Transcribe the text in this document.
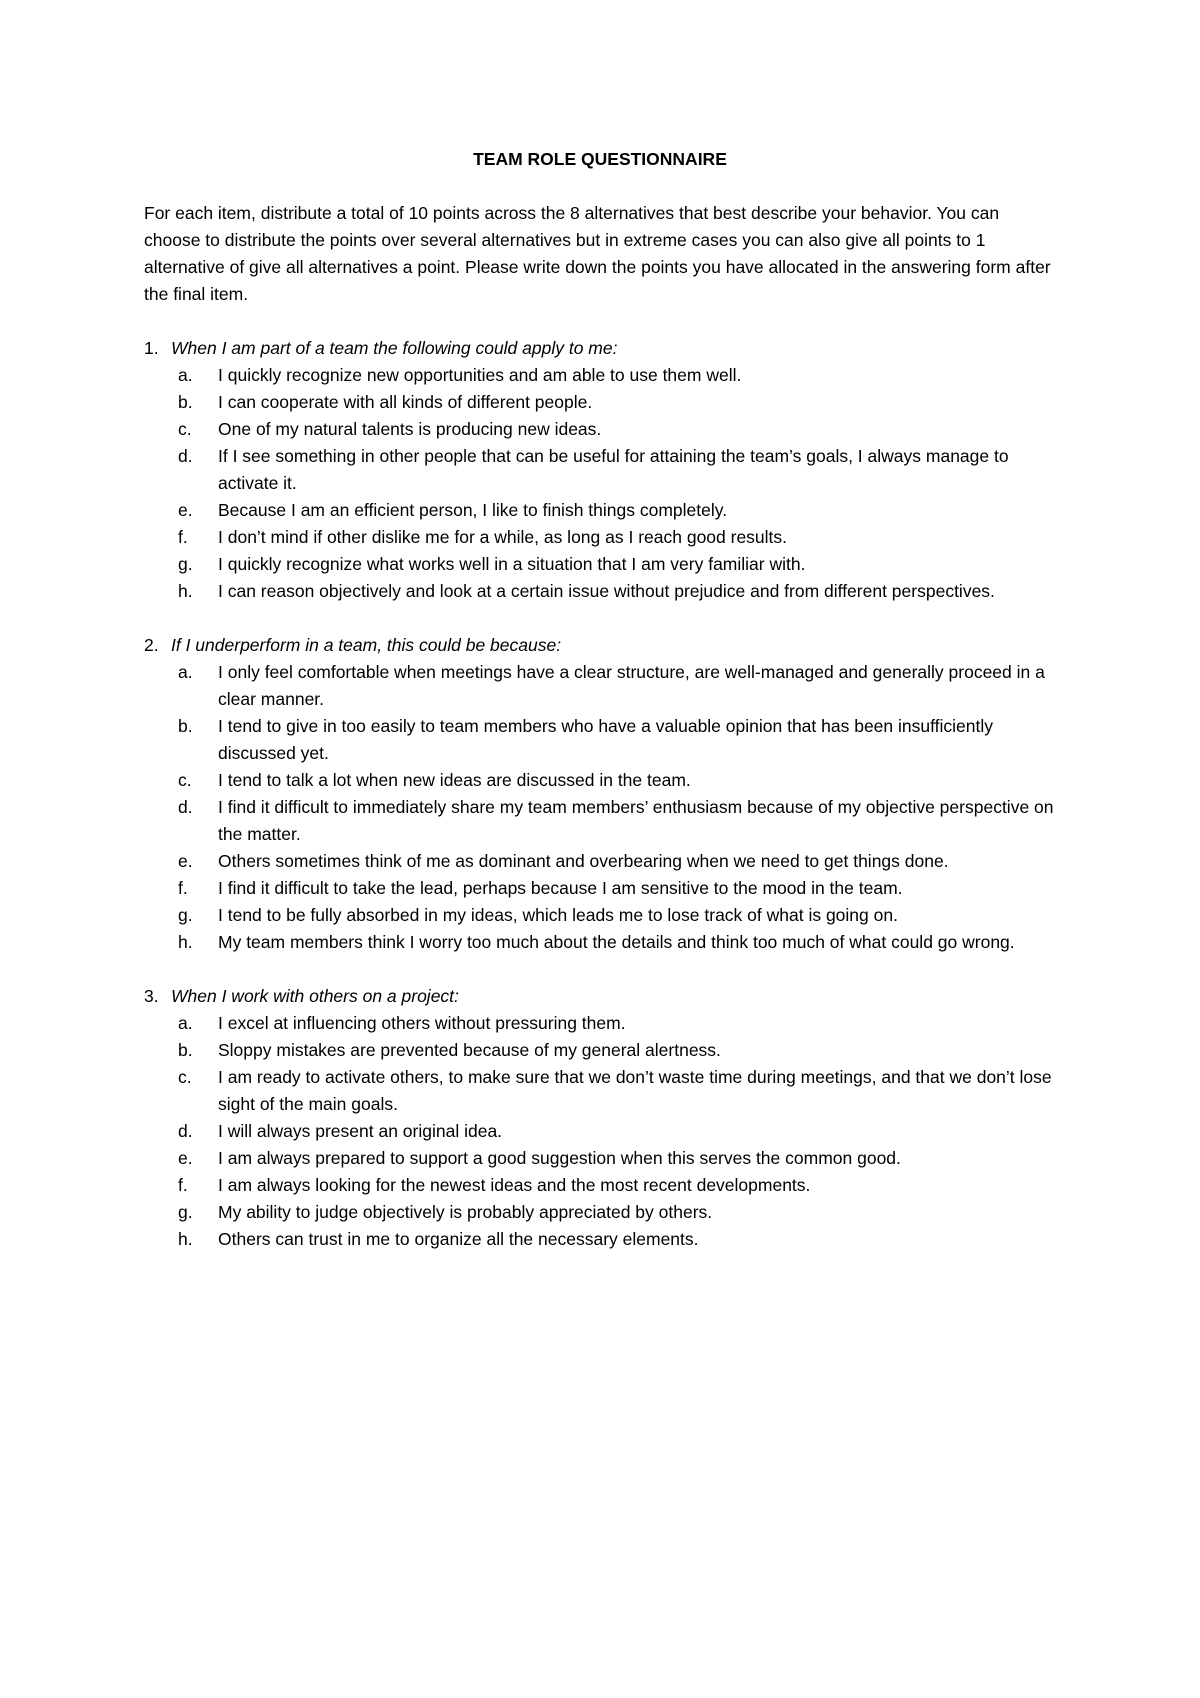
TEAM ROLE QUESTIONNAIRE

For each item, distribute a total of 10 points across the 8 alternatives that best describe your behavior. You can choose to distribute the points over several alternatives but in extreme cases you can also give all points to 1 alternative of give all alternatives a point. Please write down the points you have allocated in the answering form after the final item.

1. When I am part of a team the following could apply to me:
a. I quickly recognize new opportunities and am able to use them well.
b. I can cooperate with all kinds of different people.
c. One of my natural talents is producing new ideas.
d. If I see something in other people that can be useful for attaining the team’s goals, I always manage to activate it.
e. Because I am an efficient person, I like to finish things completely.
f. I don’t mind if other dislike me for a while, as long as I reach good results.
g. I quickly recognize what works well in a situation that I am very familiar with.
h. I can reason objectively and look at a certain issue without prejudice and from different perspectives.
2. If I underperform in a team, this could be because:
a. I only feel comfortable when meetings have a clear structure, are well-managed and generally proceed in a clear manner.
b. I tend to give in too easily to team members who have a valuable opinion that has been insufficiently discussed yet.
c. I tend to talk a lot when new ideas are discussed in the team.
d. I find it difficult to immediately share my team members’ enthusiasm because of my objective perspective on the matter.
e. Others sometimes think of me as dominant and overbearing when we need to get things done.
f. I find it difficult to take the lead, perhaps because I am sensitive to the mood in the team.
g. I tend to be fully absorbed in my ideas, which leads me to lose track of what is going on.
h. My team members think I worry too much about the details and think too much of what could go wrong.
3. When I work with others on a project:
a. I excel at influencing others without pressuring them.
b. Sloppy mistakes are prevented because of my general alertness.
c. I am ready to activate others, to make sure that we don’t waste time during meetings, and that we don’t lose sight of the main goals.
d. I will always present an original idea.
e. I am always prepared to support a good suggestion when this serves the common good.
f. I am always looking for the newest ideas and the most recent developments.
g. My ability to judge objectively is probably appreciated by others.
h. Others can trust in me to organize all the necessary elements.
